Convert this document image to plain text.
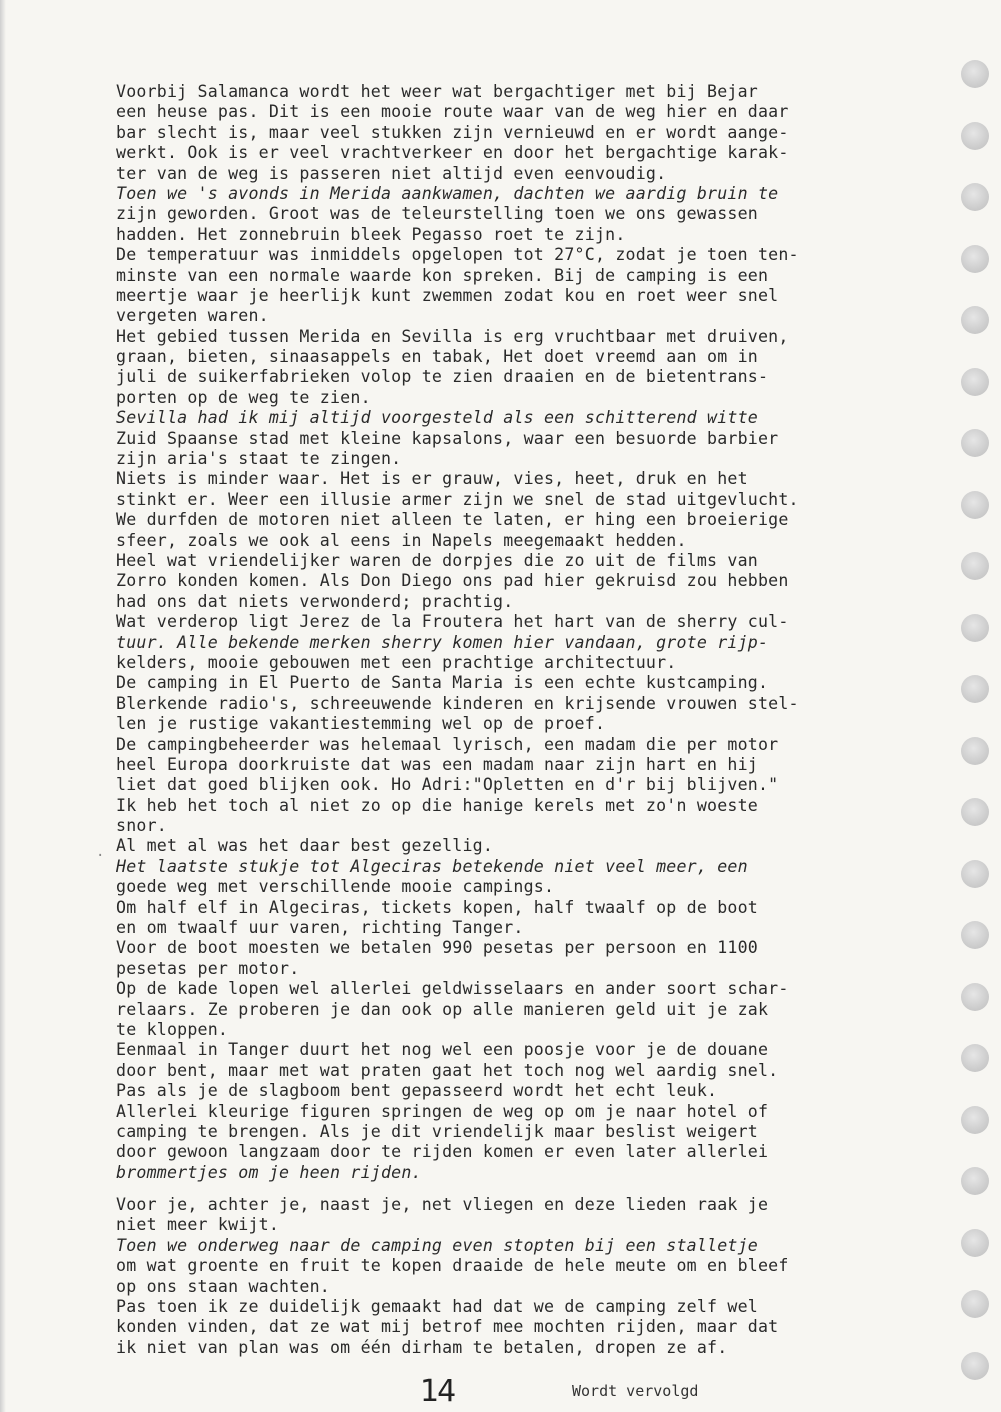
Voorbij Salamanca wordt het weer wat bergachtiger met bij Bejar
een heuse pas. Dit is een mooie route waar van de weg hier en daar
bar slecht is, maar veel stukken zijn vernieuwd en er wordt aange-
werkt. Ook is er veel vrachtverkeer en door het bergachtige karak-
ter van de weg is passeren niet altijd even eenvoudig.
Toen we 's avonds in Merida aankwamen, dachten we aardig bruin te
zijn geworden. Groot was de teleurstelling toen we ons gewassen
hadden. Het zonnebruin bleek Pegasso roet te zijn.
De temperatuur was inmiddels opgelopen tot 27°C, zodat je toen ten-
minste van een normale waarde kon spreken. Bij de camping is een
meertje waar je heerlijk kunt zwemmen zodat kou en roet weer snel
vergeten waren.
Het gebied tussen Merida en Sevilla is erg vruchtbaar met druiven,
graan, bieten, sinaasappels en tabak, Het doet vreemd aan om in
juli de suikerfabrieken volop te zien draaien en de bietentrans-
porten op de weg te zien.
Sevilla had ik mij altijd voorgesteld als een schitterend witte
Zuid Spaanse stad met kleine kapsalons, waar een besuorde barbier
zijn aria's staat te zingen.
Niets is minder waar. Het is er grauw, vies, heet, druk en het
stinkt er. Weer een illusie armer zijn we snel de stad uitgevlucht.
We durfden de motoren niet alleen te laten, er hing een broeierige
sfeer, zoals we ook al eens in Napels meegemaakt hedden.
Heel wat vriendelijker waren de dorpjes die zo uit de films van
Zorro konden komen. Als Don Diego ons pad hier gekruisd zou hebben
had ons dat niets verwonderd; prachtig.
Wat verderop ligt Jerez de la Froutera het hart van de sherry cul-
tuur. Alle bekende merken sherry komen hier vandaan, grote rijp-
kelders, mooie gebouwen met een prachtige architectuur.
De camping in El Puerto de Santa Maria is een echte kustcamping.
Blerkende radio's, schreeuwende kinderen en krijsende vrouwen stel-
len je rustige vakantiestemming wel op de proef.
De campingbeheerder was helemaal lyrisch, een madam die per motor
heel Europa doorkruiste dat was een madam naar zijn hart en hij
liet dat goed blijken ook. Ho Adri:"Opletten en d'r bij blijven."
Ik heb het toch al niet zo op die hanige kerels met zo'n woeste
snor.
Al met al was het daar best gezellig.
Het laatste stukje tot Algeciras betekende niet veel meer, een
goede weg met verschillende mooie campings.
Om half elf in Algeciras, tickets kopen, half twaalf op de boot
en om twaalf uur varen, richting Tanger.
Voor de boot moesten we betalen 990 pesetas per persoon en 1100
pesetas per motor.
Op de kade lopen wel allerlei geldwisselaars en ander soort schar-
relaars. Ze proberen je dan ook op alle manieren geld uit je zak
te kloppen.
Eenmaal in Tanger duurt het nog wel een poosje voor je de douane
door bent, maar met wat praten gaat het toch nog wel aardig snel.
Pas als je de slagboom bent gepasseerd wordt het echt leuk.
Allerlei kleurige figuren springen de weg op om je naar hotel of
camping te brengen. Als je dit vriendelijk maar beslist weigert
door gewoon langzaam door te rijden komen er even later allerlei
brommertjes om je heen rijden.
Voor je, achter je, naast je, net vliegen en deze lieden raak je
niet meer kwijt.
Toen we onderweg naar de camping even stopten bij een stalletje
om wat groente en fruit te kopen draaide de hele meute om en bleef
op ons staan wachten.
Pas toen ik ze duidelijk gemaakt had dat we de camping zelf wel
konden vinden, dat ze wat mij betrof mee mochten rijden, maar dat
ik niet van plan was om één dirham te betalen, dropen ze af.
·
14	Wordt vervolgd
